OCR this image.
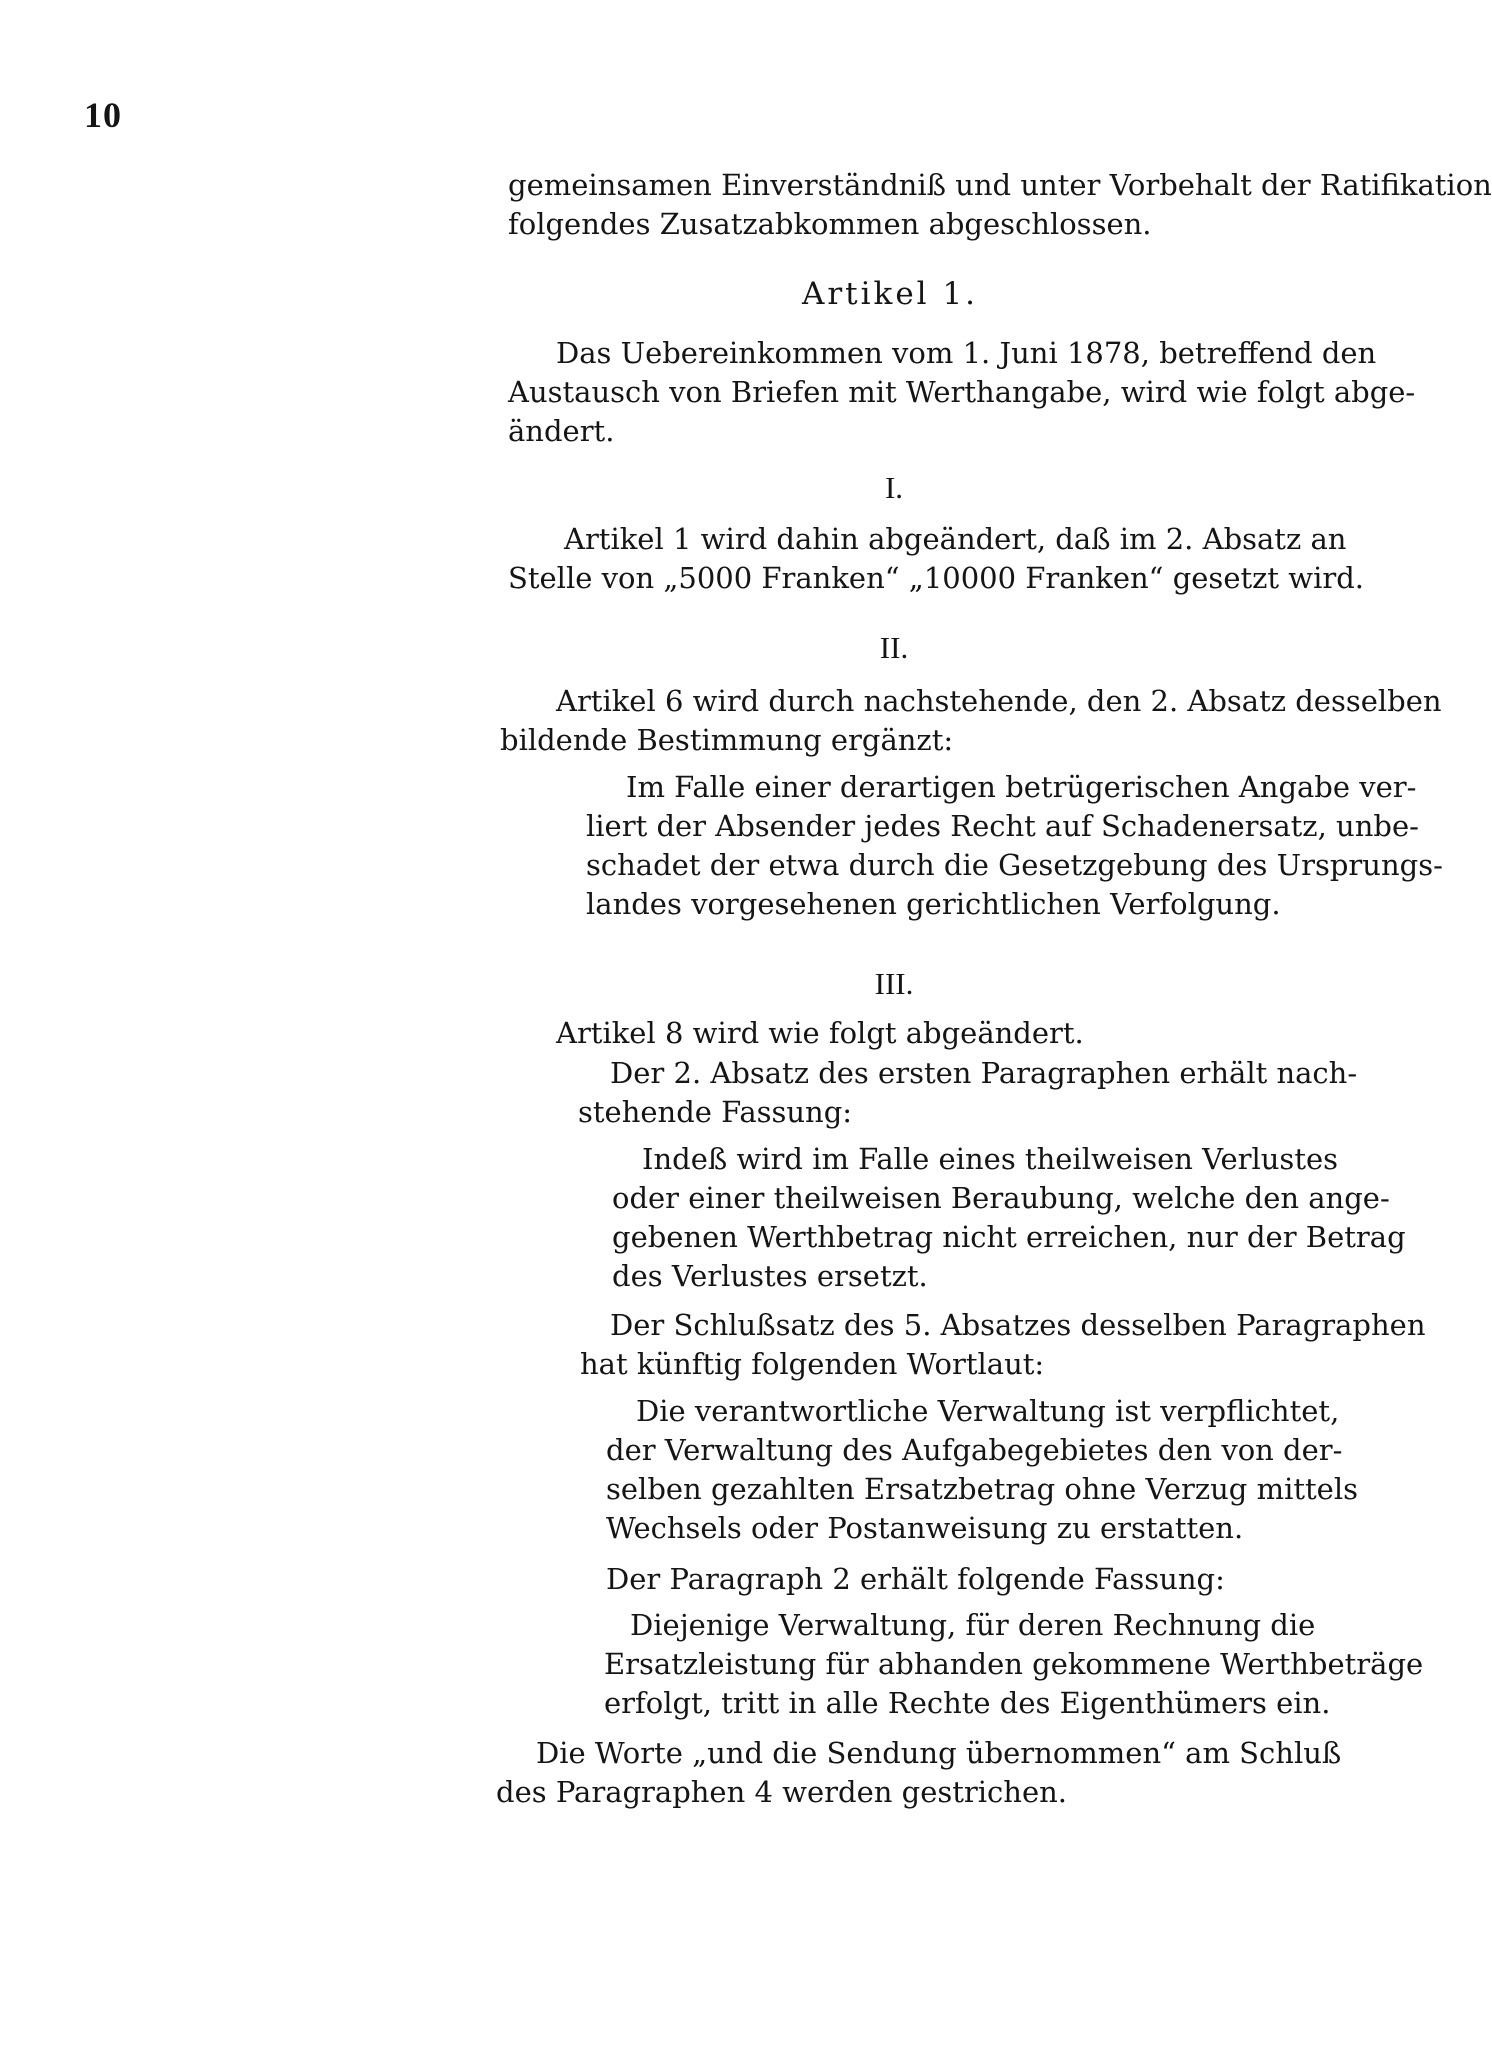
10
gemeinsamen Einverständniß und unter Vorbehalt der Ratifikation
folgendes Zusatzabkommen abgeschlossen.
Artikel 1.
Das Uebereinkommen vom 1. Juni 1878, betreffend den
Austausch von Briefen mit Werthangabe, wird wie folgt abge-
ändert.
I.
Artikel 1 wird dahin abgeändert, daß im 2. Absatz an
Stelle von „5000 Franken“ „10000 Franken“ gesetzt wird.
II.
Artikel 6 wird durch nachstehende, den 2. Absatz desselben
bildende Bestimmung ergänzt:
Im Falle einer derartigen betrügerischen Angabe ver-
liert der Absender jedes Recht auf Schadenersatz, unbe-
schadet der etwa durch die Gesetzgebung des Ursprungs-
landes vorgesehenen gerichtlichen Verfolgung.
III.
Artikel 8 wird wie folgt abgeändert.
Der 2. Absatz des ersten Paragraphen erhält nach-
stehende Fassung:
Indeß wird im Falle eines theilweisen Verlustes
oder einer theilweisen Beraubung, welche den ange-
gebenen Werthbetrag nicht erreichen, nur der Betrag
des Verlustes ersetzt.
Der Schlußsatz des 5. Absatzes desselben Paragraphen
hat künftig folgenden Wortlaut:
Die verantwortliche Verwaltung ist verpflichtet,
der Verwaltung des Aufgabegebietes den von der-
selben gezahlten Ersatzbetrag ohne Verzug mittels
Wechsels oder Postanweisung zu erstatten.
Der Paragraph 2 erhält folgende Fassung:
Diejenige Verwaltung, für deren Rechnung die
Ersatzleistung für abhanden gekommene Werthbeträge
erfolgt, tritt in alle Rechte des Eigenthümers ein.
Die Worte „und die Sendung übernommen“ am Schluß
des Paragraphen 4 werden gestrichen.
